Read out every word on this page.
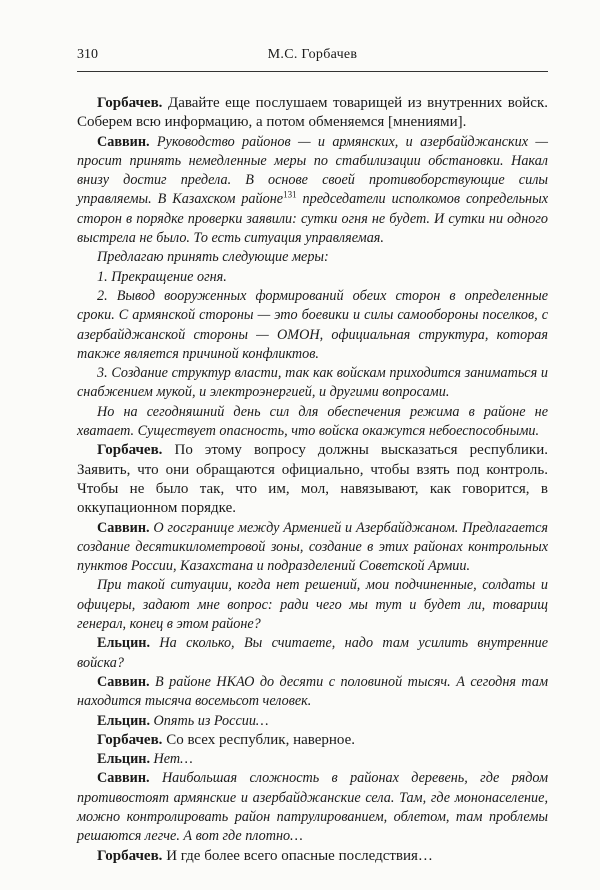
310	М.С. Горбачев

Горбачев. Давайте еще послушаем товарищей из внутренних войск. Соберем всю информацию, а потом обменяемся [мнениями].

Саввин. Руководство районов — и армянских, и азербайджанских — просит принять немедленные меры по стабилизации обстановки. Накал внизу достиг предела. В основе своей противоборствующие силы управляемы. В Казахском районе$^{131}$ председатели исполкомов сопредельных сторон в порядке проверки заявили: сутки огня не будет. И сутки ни одного выстрела не было. То есть ситуация управляемая.

Предлагаю принять следующие меры:

1. Прекращение огня.

2. Вывод вооруженных формирований обеих сторон в определенные сроки. С армянской стороны — это боевики и силы самообороны поселков, с азербайджанской стороны — ОМОН, официальная структура, которая также является причиной конфликтов.

3. Создание структур власти, так как войскам приходится заниматься и снабжением мукой, и электроэнергией, и другими вопросами.

Но на сегодняшний день сил для обеспечения режима в районе не хватает. Существует опасность, что войска окажутся небоеспособными.

Горбачев. По этому вопросу должны высказаться республики. Заявить, что они обращаются официально, чтобы взять под контроль. Чтобы не было так, что им, мол, навязывают, как говорится, в оккупационном порядке.

Саввин. О госгранице между Арменией и Азербайджаном. Предлагается создание десятикилометровой зоны, создание в этих районах контрольных пунктов России, Казахстана и подразделений Советской Армии.

При такой ситуации, когда нет решений, мои подчиненные, солдаты и офицеры, задают мне вопрос: ради чего мы тут и будет ли, товарищ генерал, конец в этом районе?

Ельцин. На сколько, Вы считаете, надо там усилить внутренние войска?

Саввин. В районе НКАО до десяти с половиной тысяч. А сегодня там находится тысяча восемьсот человек.

Ельцин. Опять из России…

Горбачев. Со всех республик, наверное.

Ельцин. Нет…

Саввин. Наибольшая сложность в районах деревень, где рядом противостоят армянские и азербайджанские села. Там, где мононаселение, можно контролировать район патрулированием, облетом, там проблемы решаются легче. А вот где плотно…

Горбачев. И где более всего опасные последствия…
